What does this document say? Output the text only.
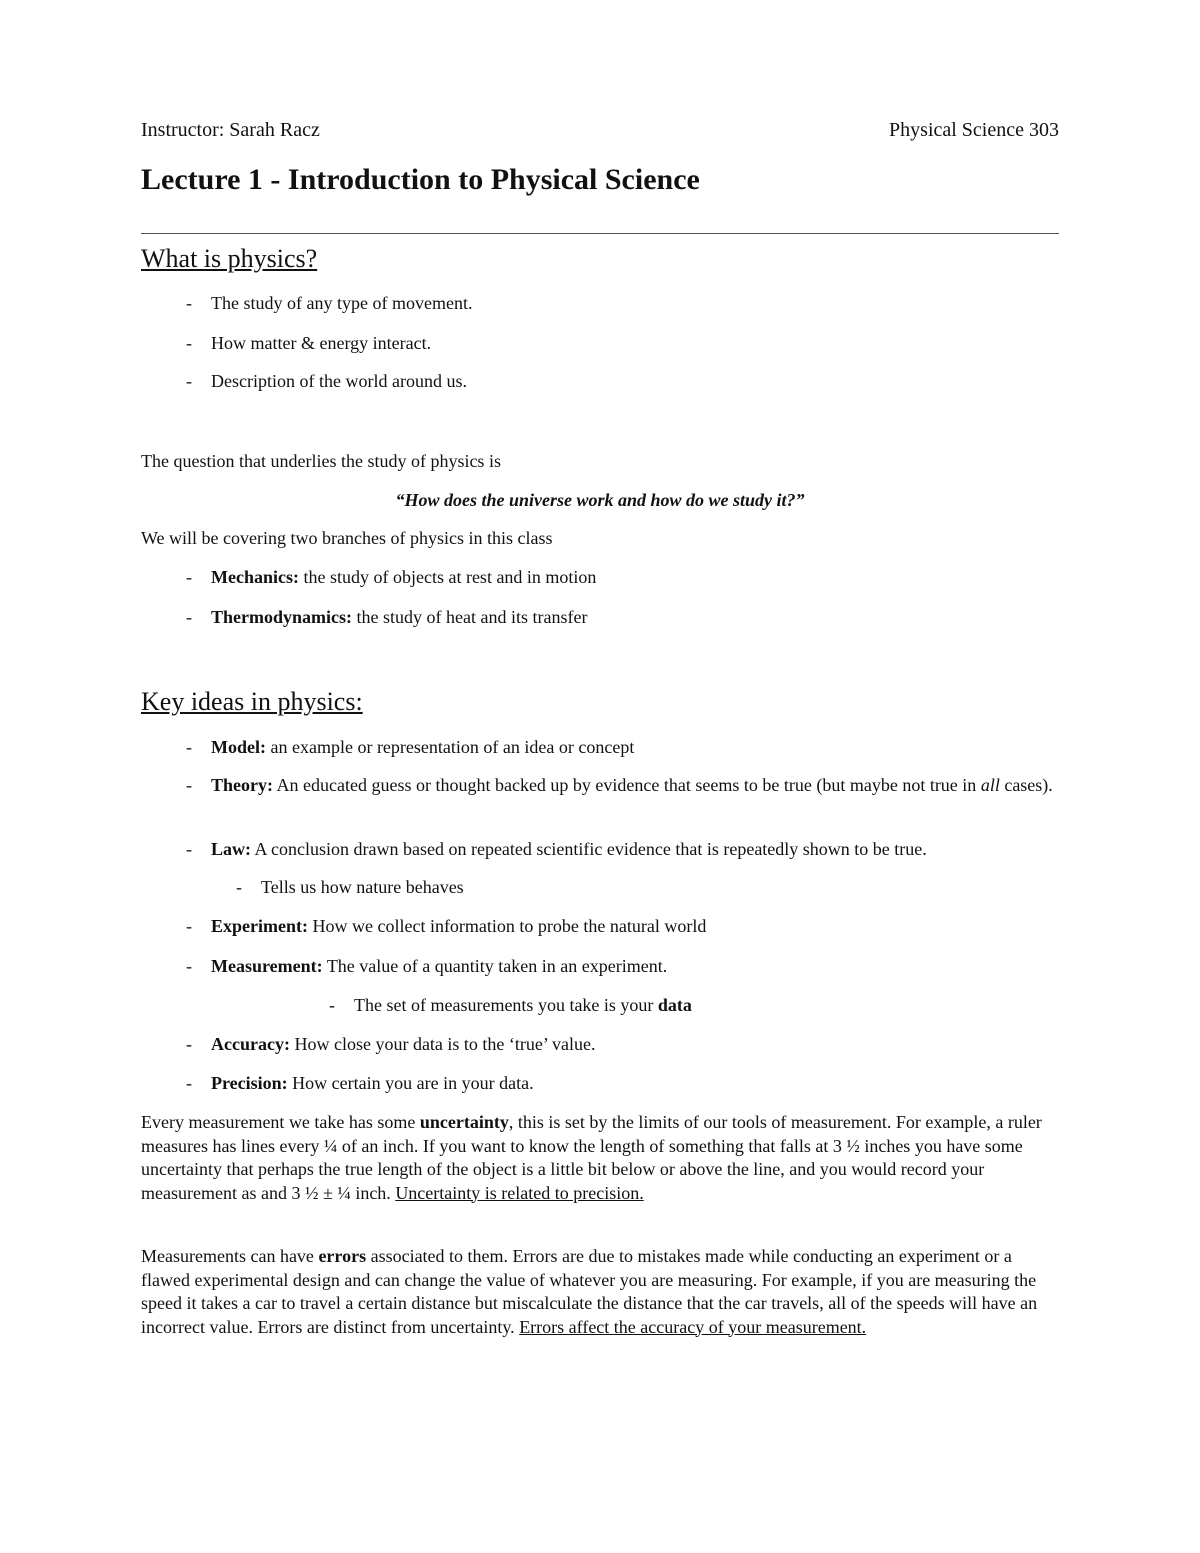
Instructor: Sarah Racz	Physical Science 303
Lecture 1 - Introduction to Physical Science
What is physics?
- The study of any type of movement.
- How matter & energy interact.
- Description of the world around us.
The question that underlies the study of physics is
“How does the universe work and how do we study it?”
We will be covering two branches of physics in this class
- Mechanics: the study of objects at rest and in motion
- Thermodynamics: the study of heat and its transfer
Key ideas in physics:
- Model: an example or representation of an idea or concept
- Theory: An educated guess or thought backed up by evidence that seems to be true (but maybe not true in all cases).
- Law: A conclusion drawn based on repeated scientific evidence that is repeatedly shown to be true.
- Tells us how nature behaves
- Experiment: How we collect information to probe the natural world
- Measurement: The value of a quantity taken in an experiment.
- The set of measurements you take is your data
- Accuracy: How close your data is to the ‘true’ value.
- Precision: How certain you are in your data.
Every measurement we take has some uncertainty, this is set by the limits of our tools of measurement. For example, a ruler measures has lines every ¼ of an inch. If you want to know the length of something that falls at 3 ½ inches you have some uncertainty that perhaps the true length of the object is a little bit below or above the line, and you would record your measurement as and 3 ½ ± ¼ inch. Uncertainty is related to precision.
Measurements can have errors associated to them. Errors are due to mistakes made while conducting an experiment or a flawed experimental design and can change the value of whatever you are measuring. For example, if you are measuring the speed it takes a car to travel a certain distance but miscalculate the distance that the car travels, all of the speeds will have an incorrect value. Errors are distinct from uncertainty. Errors affect the accuracy of your measurement.
